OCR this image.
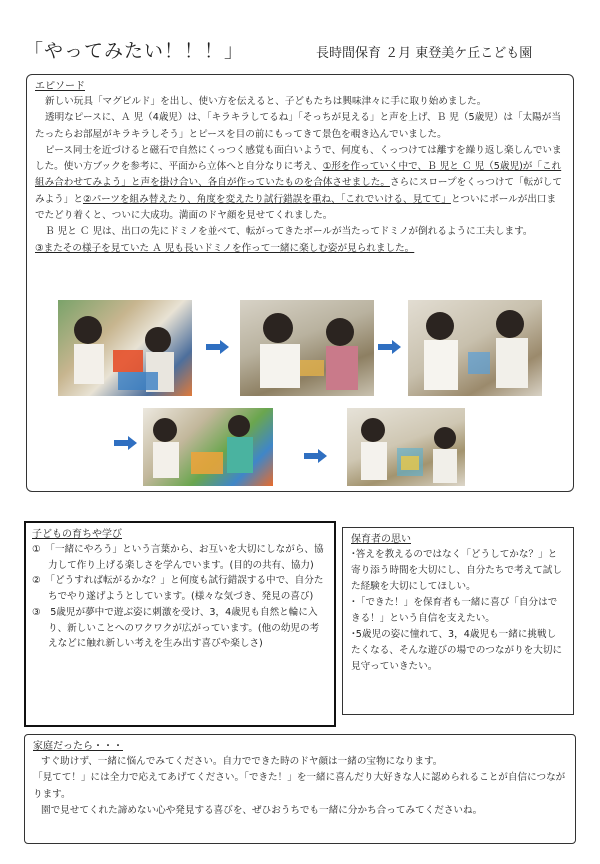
「やってみたい！！！」	長時間保育 ２月 東登美ケ丘こども園
エピソード

新しい玩具「マグビルド」を出し、使い方を伝えると、子どもたちは興味津々に手に取り始めました。

透明なピースに、Ａ 児（4歳児）は、「キラキラしてるね」「そっちが見える」と声を上げ、Ｂ 児（5歳児）は「太陽が当たったらお部屋がキラキラしそう」とピースを目の前にもってきて景色を覗き込んでいました。

ピース同士を近づけると磁石で自然にくっつく感覚も面白いようで、何度も、くっつけては離すを繰り返し楽しんでいました。使い方ブックを参考に、平面から立体へと自分なりに考え、①形を作っていく中で、Ｂ 児と Ｃ 児（5歳児)が「これ組み合わせてみよう」と声を掛け合い、各自が作っていたものを合体させました。さらにスロープをくっつけて「転がしてみよう」と②パーツを組み替えたり、角度を変えたり試行錯誤を重ね、「これでいける、見てて」とついにボールが出口までたどり着くと、ついに大成功。満面のドヤ顔を見せてくれました。

Ｂ 児と Ｃ 児は、出口の先にドミノを並べて、転がってきたボールが当たってドミノが倒れるように工夫します。

③またその様子を見ていた Ａ 児も長いドミノを作って一緒に楽しむ姿が見られました。

子どもの育ちや学び

①　「一緒にやろう」という言葉から、お互いを大切にしながら、協力して作り上げる楽しさを学んでいます。(目的の共有、協力)

②　「どうすれば転がるかな？」と何度も試行錯誤する中で、自分たちでやり遂げようとしています。(様々な気づき、発見の喜び)

③　5歳児が夢中で遊ぶ姿に刺激を受け、3，4歳児も自然と輪に入り、新しいことへのワクワクが広がっています。(他の幼児の考えなどに触れ新しい考えを生み出す喜びや楽しさ)

保育者の思い

･答えを教えるのではなく「どうしてかな？」と寄り添う時間を大切にし、自分たちで考えて試した経験を大切にしてほしい。

･「できた！」を保育者も一緒に喜び「自分はできる！」という自信を支えたい。

･5歳児の姿に憧れて、3，4歳児も一緒に挑戦したくなる、そんな遊びの場でのつながりを大切に見守っていきたい。

家庭だったら・・・

すぐ助けず、一緒に悩んでみてください。自力でできた時のドヤ顔は一緒の宝物になります。

「見てて！」には全力で応えてあげてください。「できた！」を一緒に喜んだり大好きな人に認められることが自信につながります。

園で見せてくれた諦めない心や発見する喜びを、ぜひおうちでも一緒に分かち合ってみてくださいね。
